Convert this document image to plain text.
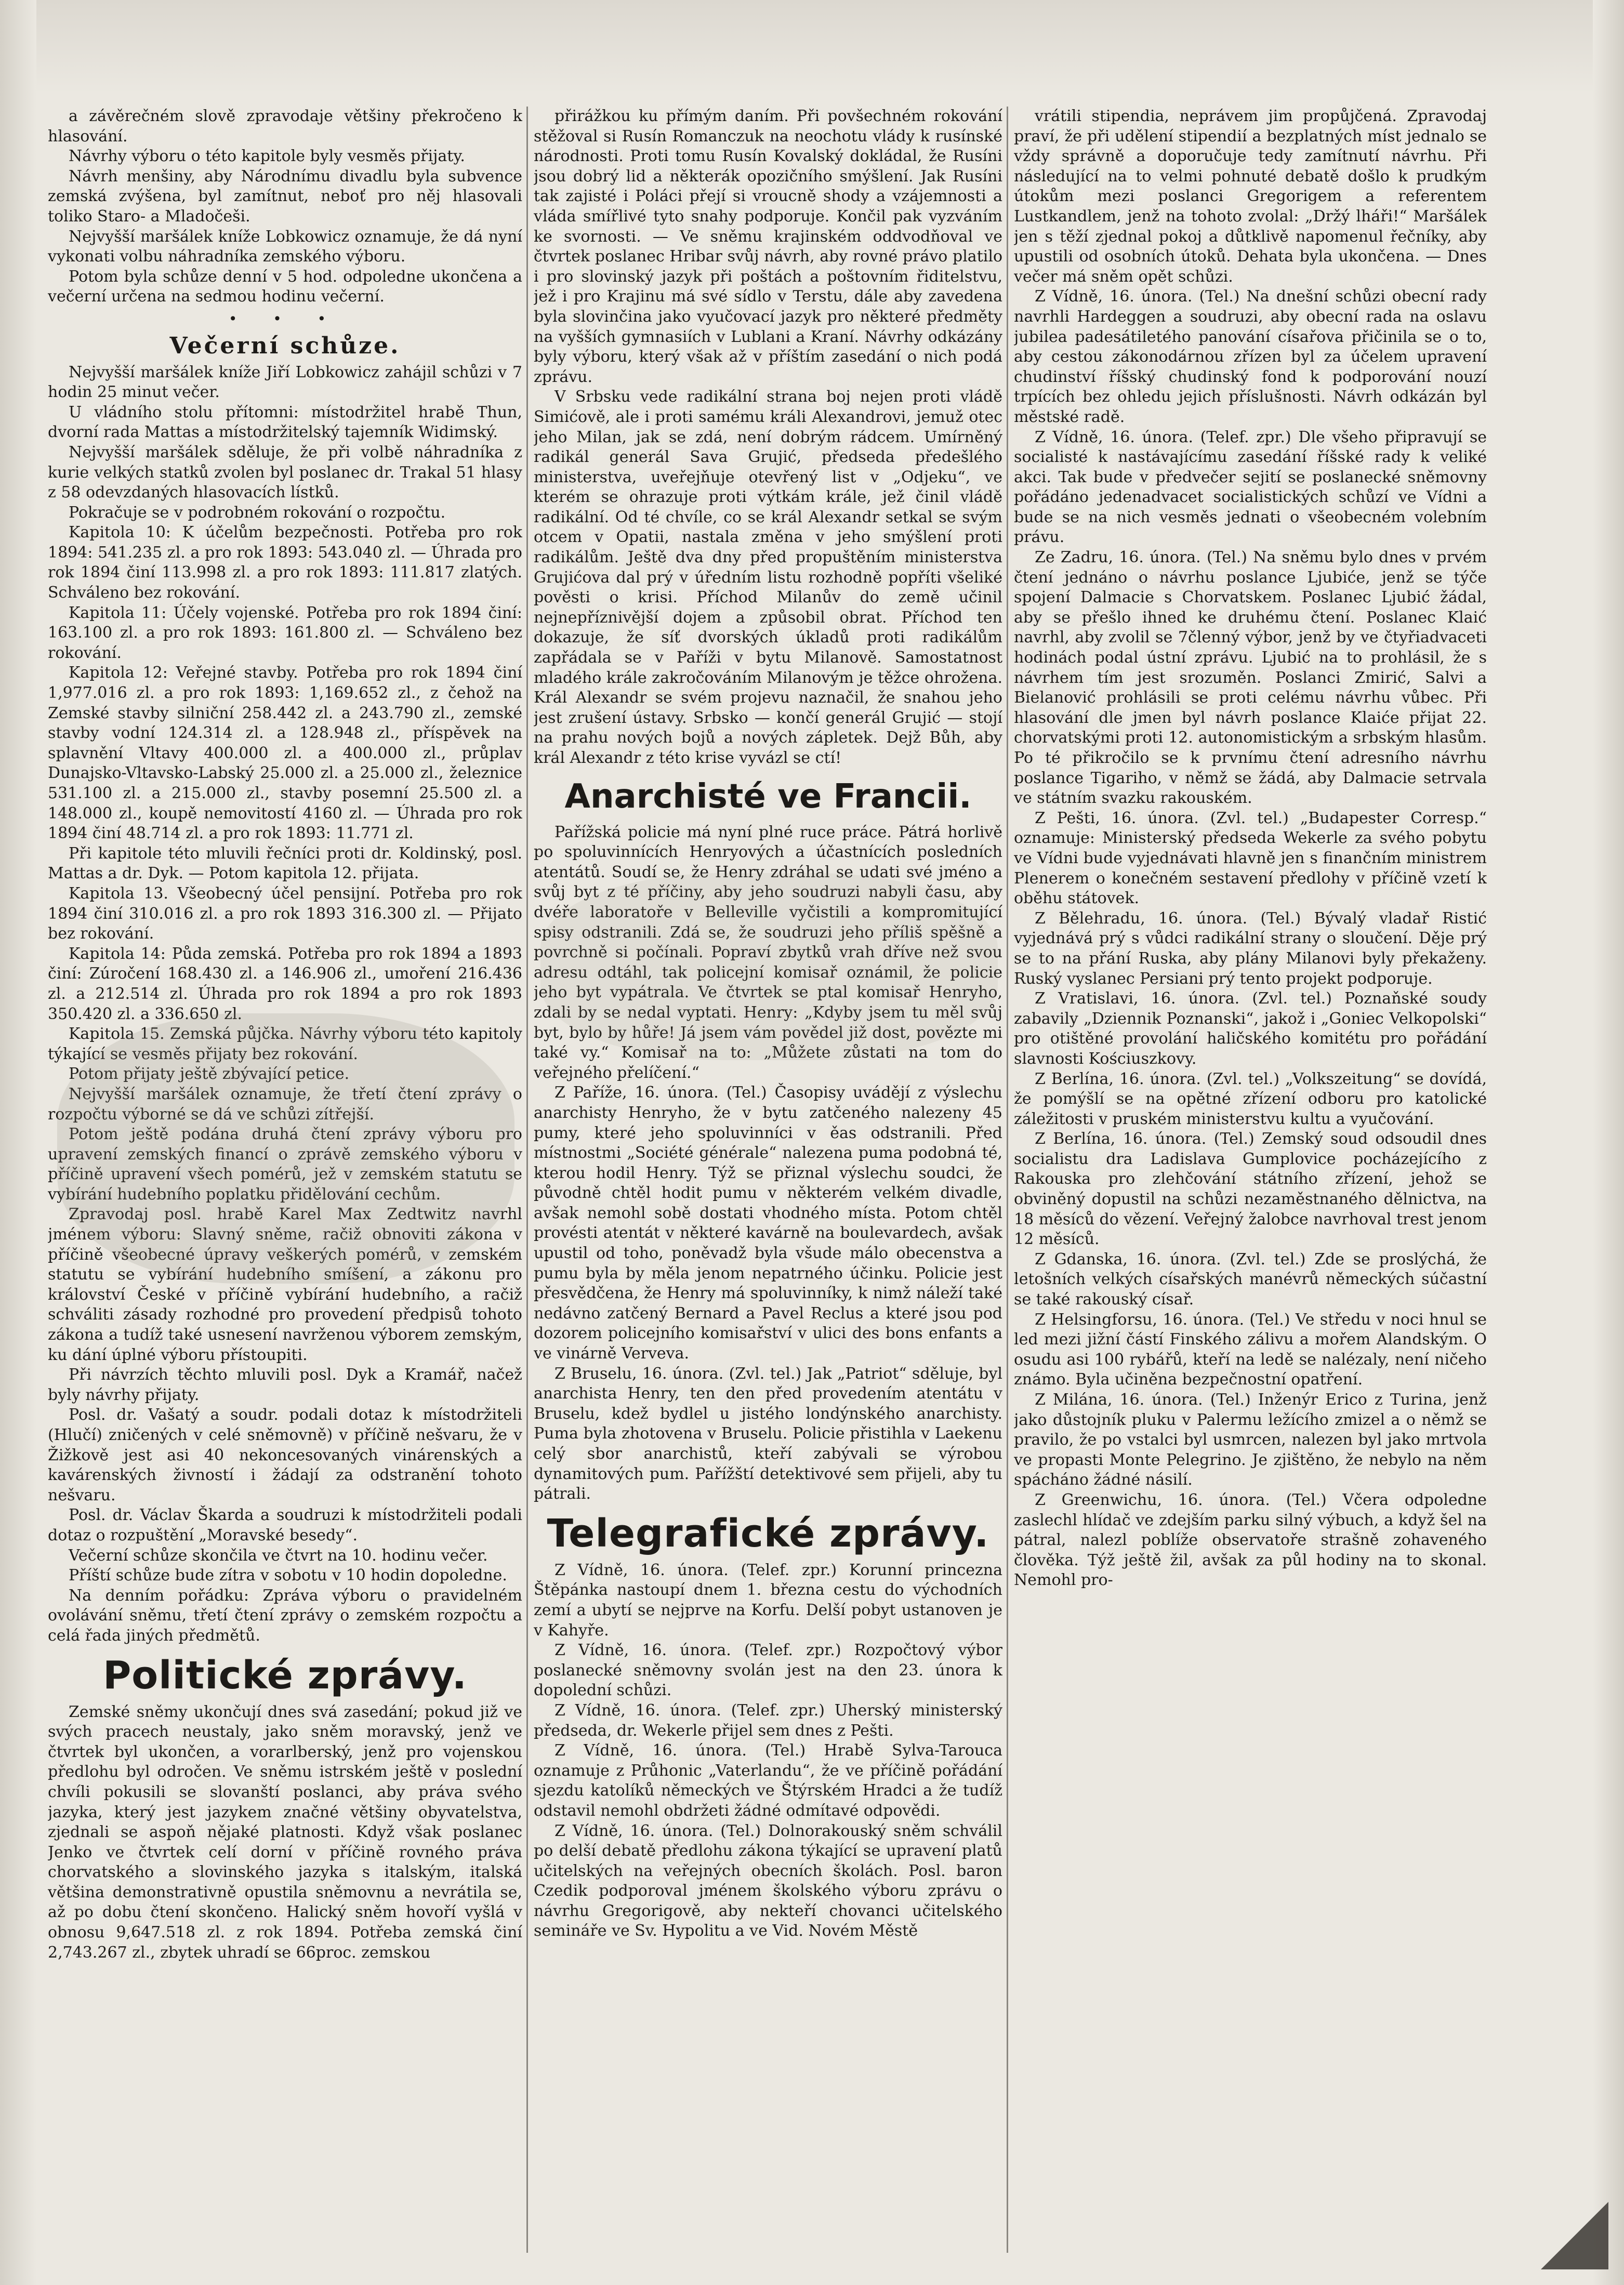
a závěrečném slově zpravodaje většiny překročeno k hlasování.

Návrhy výboru o této kapitole byly vesměs přijaty.

Návrh menšiny, aby Národnímu divadlu byla subvence zemská zvýšena, byl zamítnut, neboť pro něj hlasovali toliko Staro- a Mladočeši.

Nejvyšší maršálek kníže Lobkowicz oznamuje, že dá nyní vykonati volbu náhradníka zemského výboru.

Potom byla schůze denní v 5 hod. odpoledne ukončena a večerní určena na sedmou hodinu večerní.

• • •
Večerní schůze.

Nejvyšší maršálek kníže Jiří Lobkowicz zahájil schůzi v 7 hodin 25 minut večer.

U vládního stolu přítomni: místodržitel hrabě Thun, dvorní rada Mattas a místodržitelský tajemník Widimský.

Nejvyšší maršálek sděluje, že při volbě náhradníka z kurie velkých statků zvolen byl poslanec dr. Trakal 51 hlasy z 58 odevzdaných hlasovacích lístků.

Pokračuje se v podrobném rokování o rozpočtu.

Kapitola 10: K účelům bezpečnosti. Potřeba pro rok 1894: 541.235 zl. a pro rok 1893: 543.040 zl. — Úhrada pro rok 1894 činí 113.998 zl. a pro rok 1893: 111.817 zlatých. Schváleno bez rokování.

Kapitola 11: Účely vojenské. Potřeba pro rok 1894 činí: 163.100 zl. a pro rok 1893: 161.800 zl. — Schváleno bez rokování.

Kapitola 12: Veřejné stavby. Potřeba pro rok 1894 činí 1,977.016 zl. a pro rok 1893: 1,169.652 zl., z čehož na Zemské stavby silniční 258.442 zl. a 243.790 zl., zemské stavby vodní 124.314 zl. a 128.948 zl., příspěvek na splavnění Vltavy 400.000 zl. a 400.000 zl., průplav Dunajsko-Vltavsko-Labský 25.000 zl. a 25.000 zl., železnice 531.100 zl. a 215.000 zl., stavby posemní 25.500 zl. a 148.000 zl., koupě nemovitostí 4160 zl. — Úhrada pro rok 1894 činí 48.714 zl. a pro rok 1893: 11.771 zl.

Při kapitole této mluvili řečníci proti dr. Koldinský, posl. Mattas a dr. Dyk. — Potom kapitola 12. přijata.

Kapitola 13. Všeobecný účel pensijní. Potřeba pro rok 1894 činí 310.016 zl. a pro rok 1893 316.300 zl. — Přijato bez rokování.

Kapitola 14: Půda zemská. Potřeba pro rok 1894 a 1893 činí: Zúročení 168.430 zl. a 146.906 zl., umoření 216.436 zl. a 212.514 zl. Úhrada pro rok 1894 a pro rok 1893 350.420 zl. a 336.650 zl.

Kapitola 15. Zemská půjčka. Návrhy výboru této kapitoly týkající se vesměs přijaty bez rokování.

Potom přijaty ještě zbývající petice.

Nejvyšší maršálek oznamuje, že třetí čtení zprávy o rozpočtu výborné se dá ve schůzi zítřejší.

Potom ještě podána druhá čtení zprávy výboru pro upravení zemských financí o zprávě zemského výboru v příčině upravení všech pomérů, jež v zemském statutu se vybírání hudebního poplatku přidělování cechům.

Zpravodaj posl. hrabě Karel Max Zedtwitz navrhl jménem výboru: Slavný sněme, račiž obnoviti zákona v příčině všeobecné úpravy veškerých pomérů, v zemském statutu se vybírání hudebního smíšení, a zákonu pro království České v příčině vybírání hudebního, a račiž schváliti zásady rozhodné pro provedení předpisů tohoto zákona a tudíž také usnesení navrženou výborem zemským, ku dání úplné výboru přístoupiti.

Při návrzích těchto mluvili posl. Dyk a Kramář, načež byly návrhy přijaty.

Posl. dr. Vašatý a soudr. podali dotaz k místodržiteli (Hlučí) zničených v celé sněmovně) v příčině nešvaru, že v Žižkově jest asi 40 nekoncesovaných vinárenských a kavárenských živností i žádají za odstranění tohoto nešvaru.

Posl. dr. Václav Škarda a soudruzi k místodržiteli podali dotaz o rozpuštění „Moravské besedy“.

Večerní schůze skončila ve čtvrt na 10. hodinu večer.

Příští schůze bude zítra v sobotu v 10 hodin dopoledne.

Na denním pořádku: Zpráva výboru o pravidelném ovolávání sněmu, třetí čtení zprávy o zemském rozpočtu a celá řada jiných předmětů.

Politické zprávy.

Zemské sněmy ukončují dnes svá zasedání; pokud již ve svých pracech neustaly, jako sněm moravský, jenž ve čtvrtek byl ukončen, a vorarlberský, jenž pro vojenskou předlohu byl odročen. Ve sněmu istrském ještě v poslední chvíli pokusili se slovanští poslanci, aby práva svého jazyka, který jest jazykem značné většiny obyvatelstva, zjednali se aspoň nějaké platnosti. Když však poslanec Jenko ve čtvrtek celí dorní v příčině rovného práva chorvatského a slovinského jazyka s italským, italská většina demonstrativně opustila sněmovnu a nevrátila se, až po dobu čtení skončeno. Halický sněm hovoří vyšlá v obnosu 9,647.518 zl. z rok 1894. Potřeba zemská činí 2,743.267 zl., zbytek uhradí se 66proc. zemskou

přirážkou ku přímým daním. Při povšechném rokování stěžoval si Rusín Romanczuk na neochotu vlády k rusínské národnosti. Proti tomu Rusín Kovalský dokládal, že Rusíni jsou dobrý lid a některák opozičního smýšlení. Jak Rusíni tak zajisté i Poláci přejí si vroucně shody a vzájemnosti a vláda smířlivé tyto snahy podporuje. Končil pak vyzváním ke svornosti. — Ve sněmu krajinském oddvodňoval ve čtvrtek poslanec Hribar svůj návrh, aby rovné právo platilo i pro slovinský jazyk při poštách a poštovním řiditelstvu, jež i pro Krajinu má své sídlo v Terstu, dále aby zavedena byla slovinčina jako vyučovací jazyk pro některé předměty na vyšších gymnasiích v Lublani a Kraní. Návrhy odkázány byly výboru, který však až v příštím zasedání o nich podá zprávu.

V Srbsku vede radikální strana boj nejen proti vládě Simićově, ale i proti samému králi Alexandrovi, jemuž otec jeho Milan, jak se zdá, není dobrým rádcem. Umírněný radikál generál Sava Grujić, předseda předešlého ministerstva, uveřejňuje otevřený list v „Odjeku“, ve kterém se ohrazuje proti výtkám krále, jež činil vládě radikální. Od té chvíle, co se král Alexandr setkal se svým otcem v Opatii, nastala změna v jeho smýšlení proti radikálům. Ještě dva dny před propuštěním ministerstva Grujićova dal prý v úředním listu rozhodně popříti všeliké pověsti o krisi. Příchod Milanův do země učinil nejnepříznivější dojem a způsobil obrat. Příchod ten dokazuje, že síť dvorských úkladů proti radikálům zapřádala se v Paříži v bytu Milanově. Samostatnost mladého krále zakročováním Milanovým je těžce ohrožena. Král Alexandr se svém projevu naznačil, že snahou jeho jest zrušení ústavy. Srbsko — končí generál Grujić — stojí na prahu nových bojů a nových zápletek. Dejž Bůh, aby král Alexandr z této krise vyvázl se ctí!

Anarchisté ve Francii.

Pařížská policie má nyní plné ruce práce. Pátrá horlivě po spoluvinnících Henryových a účastnících posledních atentátů. Soudí se, že Henry zdráhal se udati své jméno a svůj byt z té příčiny, aby jeho soudruzi nabyli času, aby dvéře laboratoře v Belleville vyčistili a kompromitující spisy odstranili. Zdá se, že soudruzi jeho příliš spěšně a povrchně si počínali. Popraví zbytků vrah dříve než svou adresu odtáhl, tak policejní komisař oznámil, že policie jeho byt vypátrala. Ve čtvrtek se ptal komisař Henryho, zdali by se nedal vyptati. Henry: „Kdyby jsem tu měl svůj byt, bylo by hůře! Já jsem vám povědel již dost, povězte mi také vy.“ Komisař na to: „Můžete zůstati na tom do veřejného přelíčení.“

Z Paříže, 16. února. (Tel.) Časopisy uvádějí z výslechu anarchisty Henryho, že v bytu zatčeného nalezeny 45 pumy, které jeho spoluvinníci v ěas odstranili. Před místnostmi „Société générale“ nalezena puma podobná té, kterou hodil Henry. Týž se přiznal výslechu soudci, že původně chtěl hodit pumu v některém velkém divadle, avšak nemohl sobě dostati vhodného místa. Potom chtěl provésti atentát v některé kavárně na boulevardech, avšak upustil od toho, poněvadž byla všude málo obecenstva a pumu byla by měla jenom nepatrného účinku. Policie jest přesvědčena, že Henry má spoluvinníky, k nimž náleží také nedávno zatčený Bernard a Pavel Reclus a které jsou pod dozorem policejního komisařství v ulici des bons enfants a ve vinárně Verveva.

Z Bruselu, 16. února. (Zvl. tel.) Jak „Patriot“ sděluje, byl anarchista Henry, ten den před provedením atentátu v Bruselu, kdež bydlel u jistého londýnského anarchisty. Puma byla zhotovena v Bruselu. Policie přistihla v Laekenu celý sbor anarchistů, kteří zabývali se výrobou dynamitových pum. Pařížští detektivové sem přijeli, aby tu pátrali.

Telegrafické zprávy.

Z Vídně, 16. února. (Telef. zpr.) Korunní princezna Štěpánka nastoupí dnem 1. března cestu do východních zemí a ubytí se nejprve na Korfu. Delší pobyt ustanoven je v Kahyře.

Z Vídně, 16. února. (Telef. zpr.) Rozpočtový výbor poslanecké sněmovny svolán jest na den 23. února k dopolední schůzi.

Z Vídně, 16. února. (Telef. zpr.) Uherský ministerský předseda, dr. Wekerle přijel sem dnes z Pešti.

Z Vídně, 16. února. (Tel.) Hrabě Sylva-Tarouca oznamuje z Průhonic „Vaterlandu“, že ve příčině pořádání sjezdu katolíků německých ve Štýrském Hradci a že tudíž odstavil nemohl obdržeti žádné odmítavé odpovědi.

Z Vídně, 16. února. (Tel.) Dolnorakouský sněm schválil po delší debatě předlohu zákona týkající se upravení platů učitelských na veřejných obecních školách. Posl. baron Czedik podporoval jménem školského výboru zprávu o návrhu Gregorigově, aby nekteří chovanci učitelského semináře ve Sv. Hypolitu a ve Vid. Novém Městě

vrátili stipendia, neprávem jim propůjčená. Zpravodaj praví, že při udělení stipendií a bezplatných míst jednalo se vždy správně a doporučuje tedy zamítnutí návrhu. Při následující na to velmi pohnuté debatě došlo k prudkým útokům mezi poslanci Gregorigem a referentem Lustkandlem, jenž na tohoto zvolal: „Držý lháři!“ Maršálek jen s těží zjednal pokoj a důtklivě napomenul řečníky, aby upustili od osobních útoků. Dehata byla ukončena. — Dnes večer má sněm opět schůzi.

Z Vídně, 16. února. (Tel.) Na dnešní schůzi obecní rady navrhli Hardeggen a soudruzi, aby obecní rada na oslavu jubilea padesátiletého panování císařova přičinila se o to, aby cestou zákonodárnou zřízen byl za účelem upravení chudinství říšský chudinský fond k podporování nouzí trpících bez ohledu jejich příslušnosti. Návrh odkázán byl městské radě.

Z Vídně, 16. února. (Telef. zpr.) Dle všeho připravují se socialisté k nastávajícímu zasedání říšské rady k veliké akci. Tak bude v předvečer sejití se poslanecké sněmovny pořádáno jedenadvacet socialistických schůzí ve Vídni a bude se na nich vesměs jednati o všeobecném volebním právu.

Ze Zadru, 16. února. (Tel.) Na sněmu bylo dnes v prvém čtení jednáno o návrhu poslance Ljubiće, jenž se týče spojení Dalmacie s Chorvatskem. Poslanec Ljubić žádal, aby se přešlo ihned ke druhému čtení. Poslanec Klaić navrhl, aby zvolil se 7členný výbor, jenž by ve čtyřiadvaceti hodinách podal ústní zprávu. Ljubić na to prohlásil, že s návrhem tím jest srozuměn. Poslanci Zmirić, Salvi a Bielanović prohlásili se proti celému návrhu vůbec. Při hlasování dle jmen byl návrh poslance Klaiće přijat 22. chorvatskými proti 12. autonomistickým a srbským hlasům. Po té přikročilo se k prvnímu čtení adresního návrhu poslance Tigariho, v němž se žádá, aby Dalmacie setrvala ve státním svazku rakouském.

Z Pešti, 16. února. (Zvl. tel.) „Budapester Corresp.“ oznamuje: Ministerský předseda Wekerle za svého pobytu ve Vídni bude vyjednávati hlavně jen s finančním ministrem Plenerem o konečném sestavení předlohy v příčině vzetí k oběhu státovek.

Z Bělehradu, 16. února. (Tel.) Bývalý vladař Ristić vyjednává prý s vůdci radikální strany o sloučení. Děje prý se to na přání Ruska, aby plány Milanovi byly překaženy. Ruský vyslanec Persiani prý tento projekt podporuje.

Z Vratislavi, 16. února. (Zvl. tel.) Poznaňské soudy zabavily „Dziennik Poznanski“, jakož i „Goniec Velkopolski“ pro otištěné provolání haličského komitétu pro pořádání slavnosti Kościuszkovy.

Z Berlína, 16. února. (Zvl. tel.) „Volkszeitung“ se dovídá, že pomýšlí se na opětné zřízení odboru pro katolické záležitosti v pruském ministerstvu kultu a vyučování.

Z Berlína, 16. února. (Tel.) Zemský soud odsoudil dnes socialistu dra Ladislava Gumplovice pocházejícího z Rakouska pro zlehčování státního zřízení, jehož se obviněný dopustil na schůzi nezaměstnaného dělnictva, na 18 měsíců do vězení. Veřejný žalobce navrhoval trest jenom 12 měsíců.

Z Gdanska, 16. února. (Zvl. tel.) Zde se proslýchá, že letošních velkých císařských manévrů německých súčastní se také rakouský císař.

Z Helsingforsu, 16. února. (Tel.) Ve středu v noci hnul se led mezi jižní částí Finského zálivu a mořem Alandským. O osudu asi 100 rybářů, kteří na ledě se nalézaly, není ničeho známo. Byla učiněna bezpečnostní opatření.

Z Milána, 16. února. (Tel.) Inženýr Erico z Turina, jenž jako důstojník pluku v Palermu ležícího zmizel a o němž se pravilo, že po vstalci byl usmrcen, nalezen byl jako mrtvola ve propasti Monte Pelegrino. Je zjištěno, že nebylo na něm spácháno žádné násilí.

Z Greenwichu, 16. února. (Tel.) Včera odpoledne zaslechl hlídač ve zdejším parku silný výbuch, a když šel na pátral, nalezl poblíže observatoře strašně zohaveného člověka. Týž ještě žil, avšak za půl hodiny na to skonal. Nemohl pro-
